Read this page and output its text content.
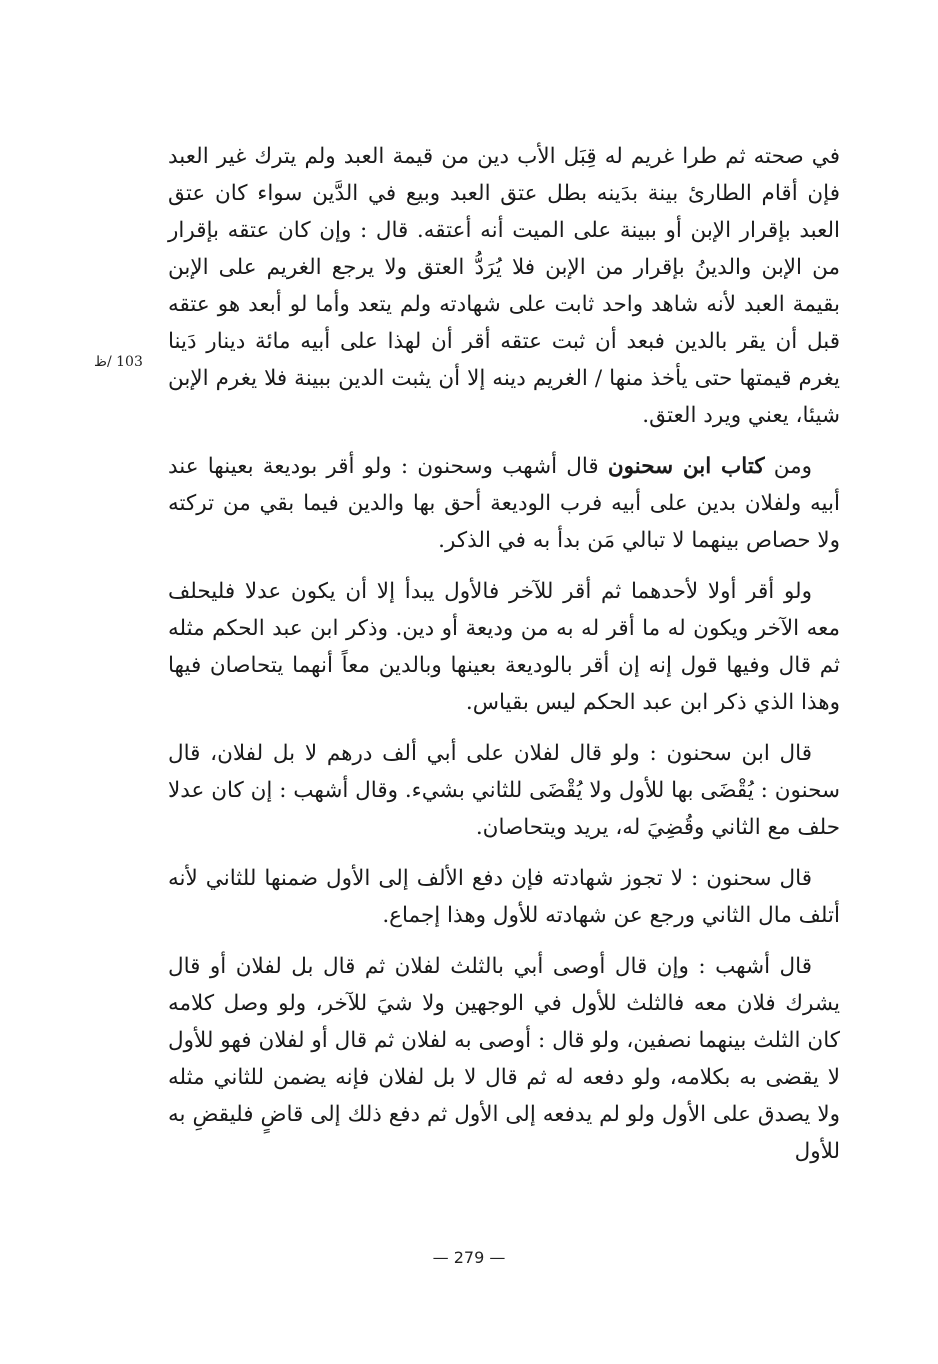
في صحته ثم طرا غريم له قِبَل الأب دين من قيمة العبد ولم يترك غير العبد فإن أقام الطارئ بينة بدَينه بطل عتق العبد وبيع في الدَّين سواء كان عتق العبد بإقرار الإبن أو ببينة على الميت أنه أعتقه. قال : وإن كان عتقه بإقرار من الإبن والدينُ بإقرار من الإبن فلا يُرَدُّ العتق ولا يرجع الغريم على الإبن بقيمة العبد لأنه شاهد واحد ثابت على شهادته ولم يتعد وأما لو أبعد هو عتقه قبل أن يقر بالدين فبعد أن ثبت عتقه أقر أن لهذا على أبيه مائة دينار دَينا يغرم قيمتها حتى يأخذ منها / الغريم دينه إلا أن يثبت الدين ببينة فلا يغرم الإبن شيئا، يعني ويرد العتق.

ومن كتاب ابن سحنون قال أشهب وسحنون : ولو أقر بوديعة بعينها عند أبيه ولفلان بدين على أبيه فرب الوديعة أحق بها والدين فيما بقي من تركته ولا حصاص بينهما لا تبالي مَن بدأ به في الذكر.

ولو أقر أولا لأحدهما ثم أقر للآخر فالأول يبدأ إلا أن يكون عدلا فليحلف معه الآخر ويكون له ما أقر له به من وديعة أو دين. وذكر ابن عبد الحكم مثله ثم قال وفيها قول إنه إن أقر بالوديعة بعينها وبالدين معاً أنهما يتحاصان فيها وهذا الذي ذكر ابن عبد الحكم ليس بقياس.

قال ابن سحنون : ولو قال لفلان على أبي ألف درهم لا بل لفلان، قال سحنون : يُقْضَى بها للأول ولا يُقْضَى للثاني بشيء. وقال أشهب : إن كان عدلا حلف مع الثاني وقُضِيَ له، يريد ويتحاصان.

قال سحنون : لا تجوز شهادته فإن دفع الألف إلى الأول ضمنها للثاني لأنه أتلف مال الثاني ورجع عن شهادته للأول وهذا إجماع.

قال أشهب : وإن قال أوصى أبي بالثلث لفلان ثم قال بل لفلان أو قال يشرك فلان معه فالثلث للأول في الوجهين ولا شيَ للآخر، ولو وصل كلامه كان الثلث بينهما نصفين، ولو قال : أوصى به لفلان ثم قال أو لفلان فهو للأول لا يقضى به بكلامه، ولو دفعه له ثم قال لا بل لفلان فإنه يضمن للثاني مثله ولا يصدق على الأول ولو لم يدفعه إلى الأول ثم دفع ذلك إلى قاضٍ فليقضِ به للأول

103 /ظ
— 279 —
